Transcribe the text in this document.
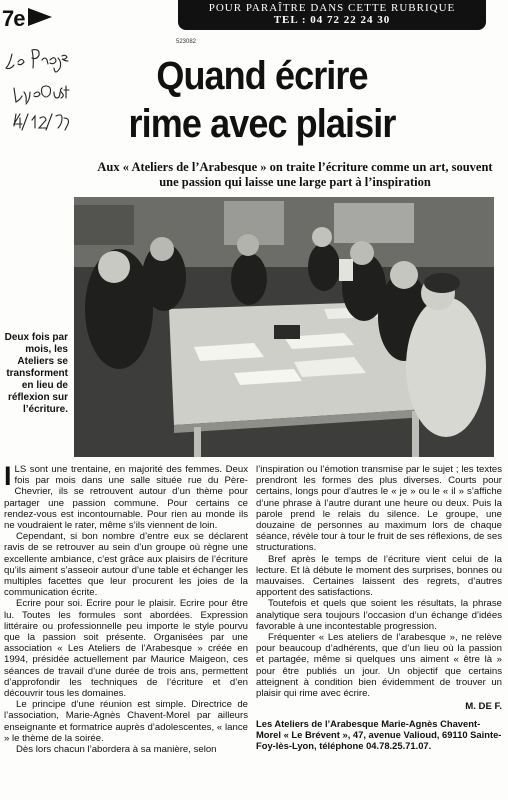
7e	POUR PARAÎTRE DANS CETTE RUBRIQUE
TEL : 04 72 22 24 30
523082
Quand écrire
rime avec plaisir

Aux « Ateliers de l’Arabesque » on traite l’écriture comme un art, souvent une passion qui laisse une large part à l’inspiration

Deux fois par mois, les Ateliers se transforment en lieu de réflexion sur l’écriture.

ILS sont une trentaine, en majorité des femmes. Deux fois par mois dans une salle située rue du Père-Chevrier, ils se retrouvent autour d’un thème pour partager une passion commune. Pour certains ce rendez-vous est incontournable. Pour rien au monde ils ne voudraient le rater, même s’ils viennent de loin.

Cependant, si bon nombre d’entre eux se déclarent ravis de se retrouver au sein d’un groupe où règne une excellente ambiance, c’est grâce aux plaisirs de l’écriture qu’ils aiment s’asseoir autour d’une table et échanger les multiples facettes que leur procurent les joies de la communication écrite.

Ecrire pour soi. Ecrire pour le plaisir. Ecrire pour être lu. Toutes les formules sont abordées. Expression littéraire ou professionnelle peu importe le style pourvu que la passion soit présente. Organisées par une association « Les Ateliers de l’Arabesque » créée en 1994, présidée actuellement par Maurice Maigeon, ces séances de travail d’une durée de trois ans, permettent d’approfondir les techniques de l’écriture et d’en découvrir tous les domaines.

Le principe d’une réunion est simple. Directrice de l’association, Marie-Agnès Chavent-Morel par ailleurs enseignante et formatrice auprès d’adolescentes, « lance » le thème de la soirée.

Dès lors chacun l’abordera à sa manière, selon

l’inspiration ou l’émotion transmise par le sujet ; les textes prendront les formes des plus diverses. Courts pour certains, longs pour d’autres le « je » ou le « il » s’affiche d’une phrase à l’autre durant une heure ou deux. Puis la parole prend le relais du silence. Le groupe, une douzaine de personnes au maximum lors de chaque séance, révèle tour à tour le fruit de ses réflexions, de ses structurations.

Bref après le temps de l’écriture vient celui de la lecture. Et là débute le moment des surprises, bonnes ou mauvaises. Certaines laissent des regrets, d’autres apportent des satisfactions.

Toutefois et quels que soient les résultats, la phrase analytique sera toujours l’occasion d’un échange d’idées favorable à une incontestable progression.

Fréquenter « Les ateliers de l’arabesque », ne relève pour beaucoup d’adhérents, que d’un lieu où la passion et partagée, même si quelques uns aiment « être là » pour être publiés un jour. Un objectif que certains atteignent à condition bien évidemment de trouver un plaisir qui rime avec écrire.

M. DE F.
Les Ateliers de l’Arabesque Marie-Agnès Chavent-Morel « Le Brévent », 47, avenue Valioud, 69110 Sainte-Foy-lès-Lyon, téléphone 04.78.25.71.07.
